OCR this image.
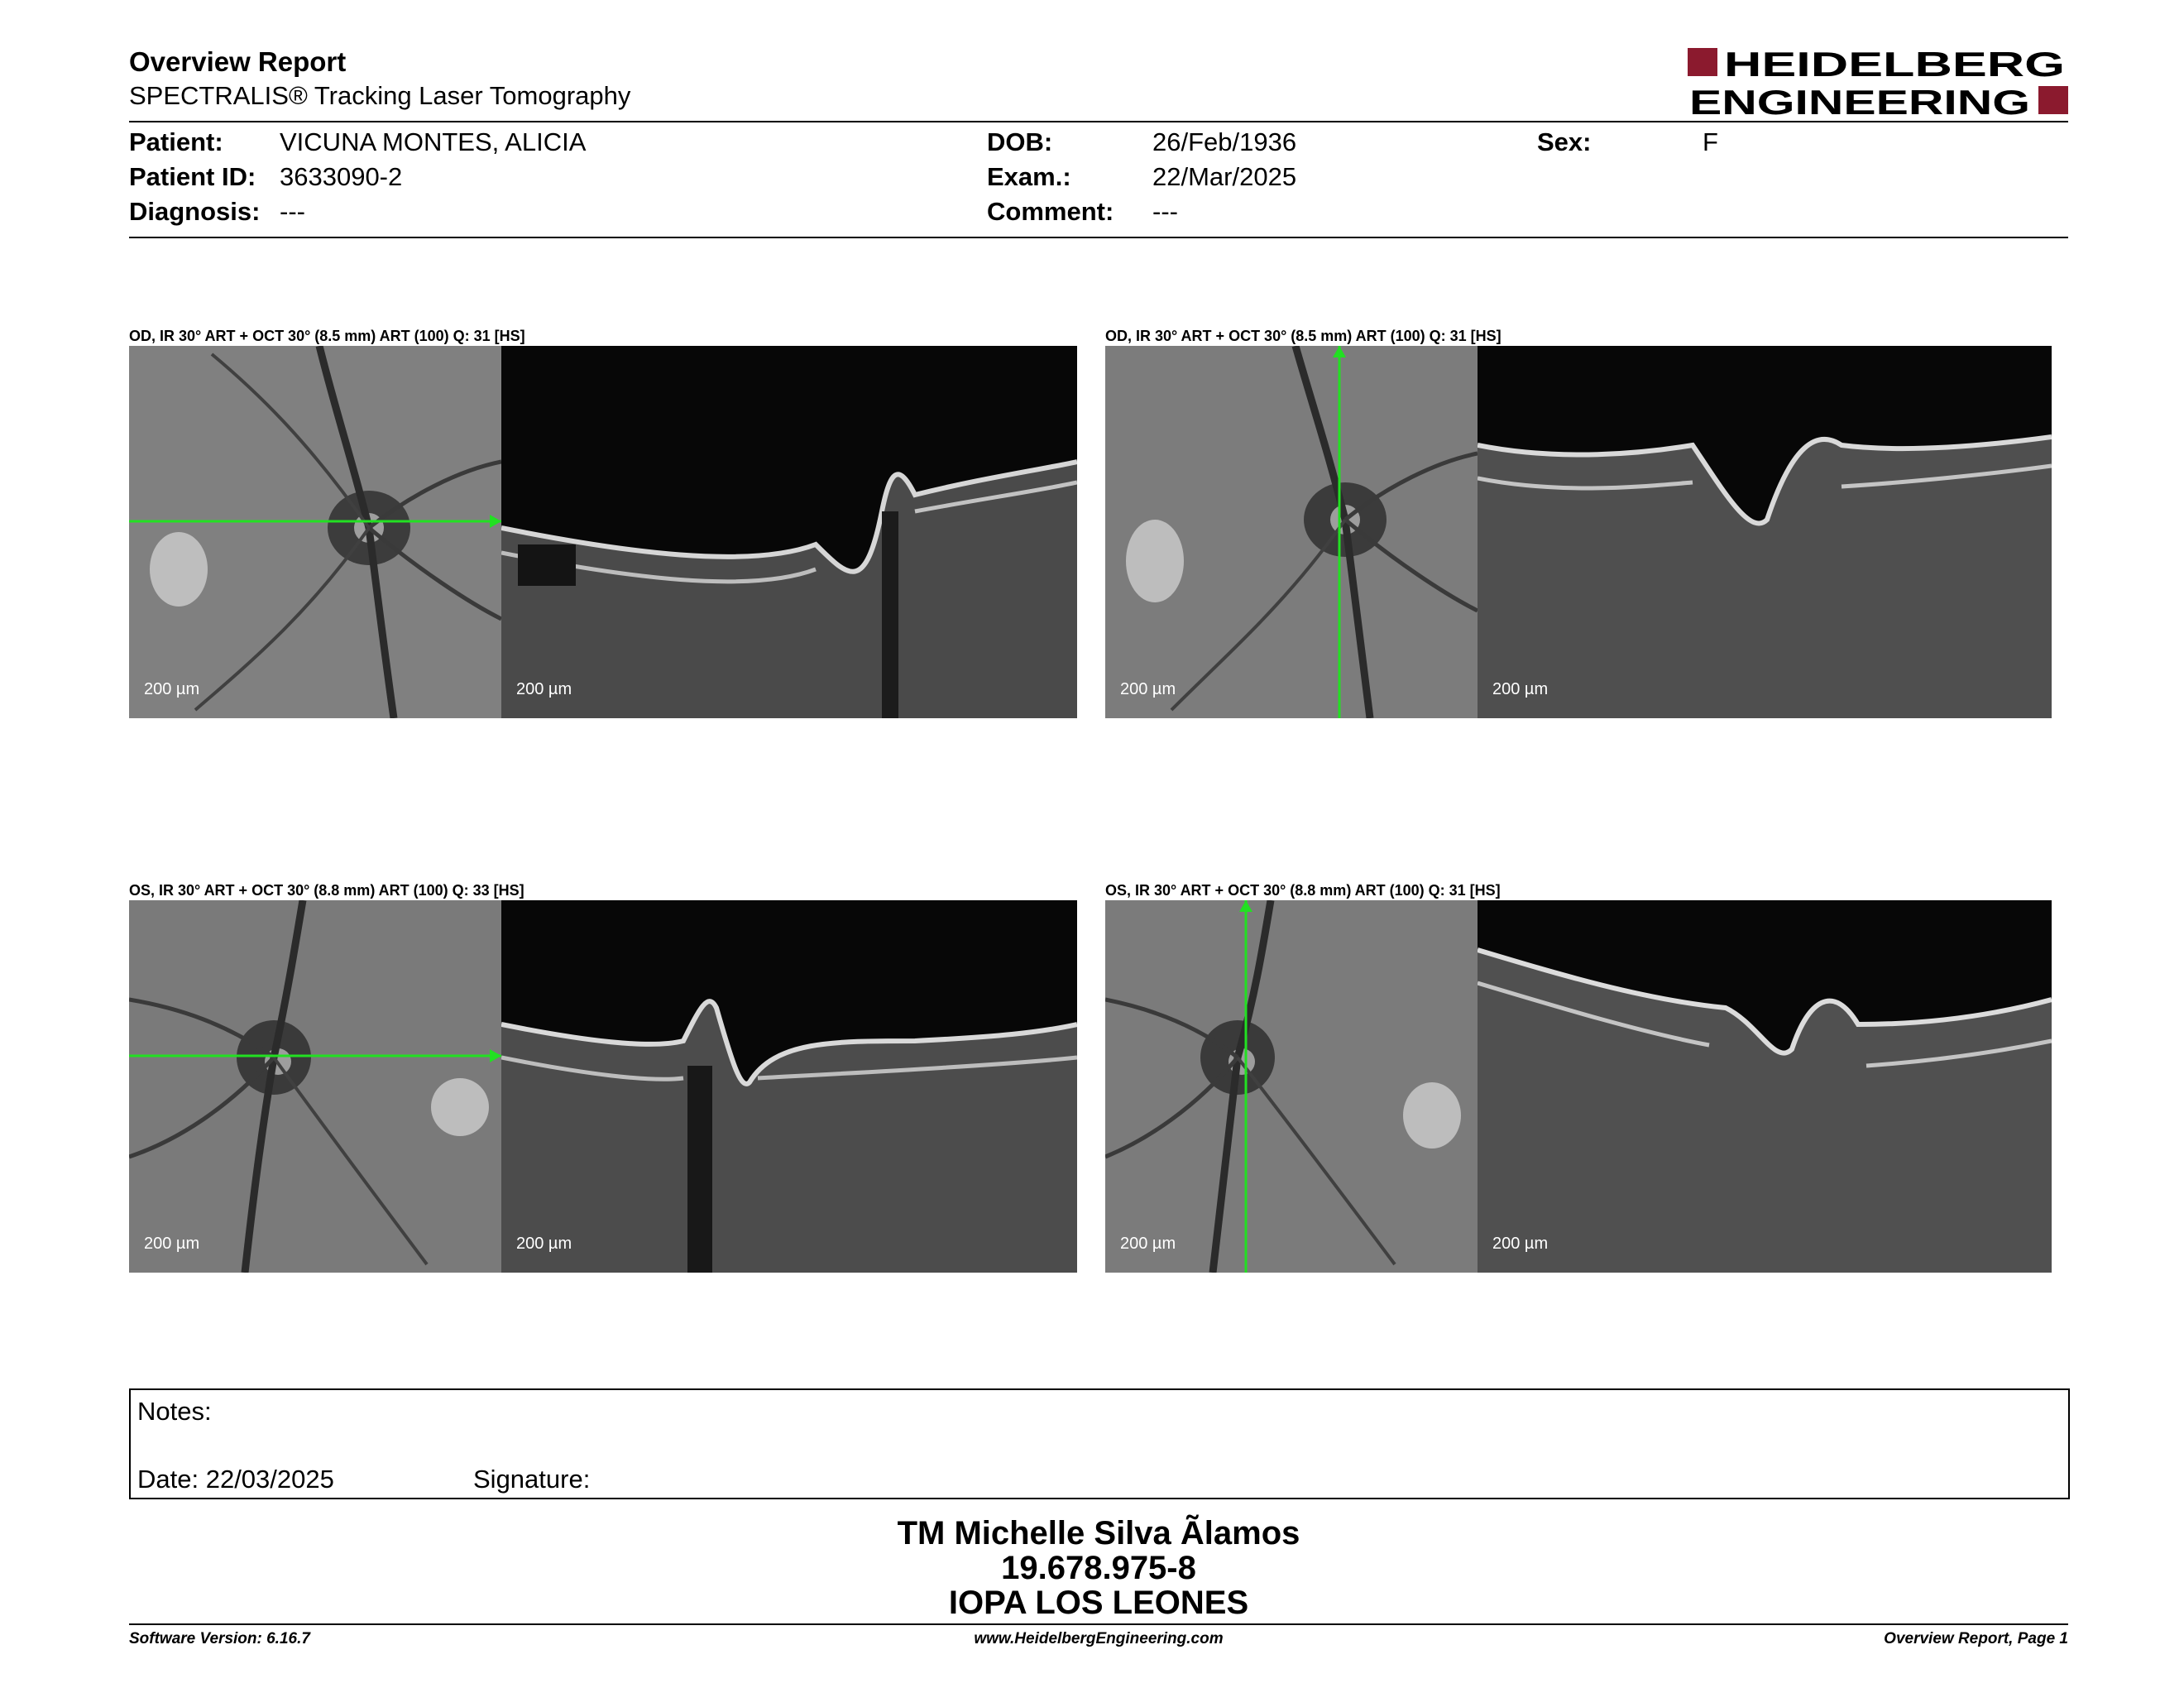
Overview Report
SPECTRALIS® Tracking Laser Tomography
HEIDELBERG
ENGINEERING
Patient: VICUNA MONTES, ALICIA
Patient ID: 3633090-2
Diagnosis: ---
DOB:	26/Feb/1936
Exam.:	22/Mar/2025
Comment: ---
Sex:	F
OD, IR 30° ART + OCT 30° (8.5 mm) ART (100) Q: 31 [HS]
200 µm	200 µm
OD, IR 30° ART + OCT 30° (8.5 mm) ART (100) Q: 31 [HS]
200 µm	200 µm
OS, IR 30° ART + OCT 30° (8.8 mm) ART (100) Q: 33 [HS]
200 µm	200 µm
OS, IR 30° ART + OCT 30° (8.8 mm) ART (100) Q: 31 [HS]
200 µm	200 µm
Notes:
Date: 22/03/2025	Signature:
TM Michelle Silva Ãlamos
19.678.975-8
IOPA LOS LEONES
Software Version: 6.16.7	www.HeidelbergEngineering.com	Overview Report, Page 1
